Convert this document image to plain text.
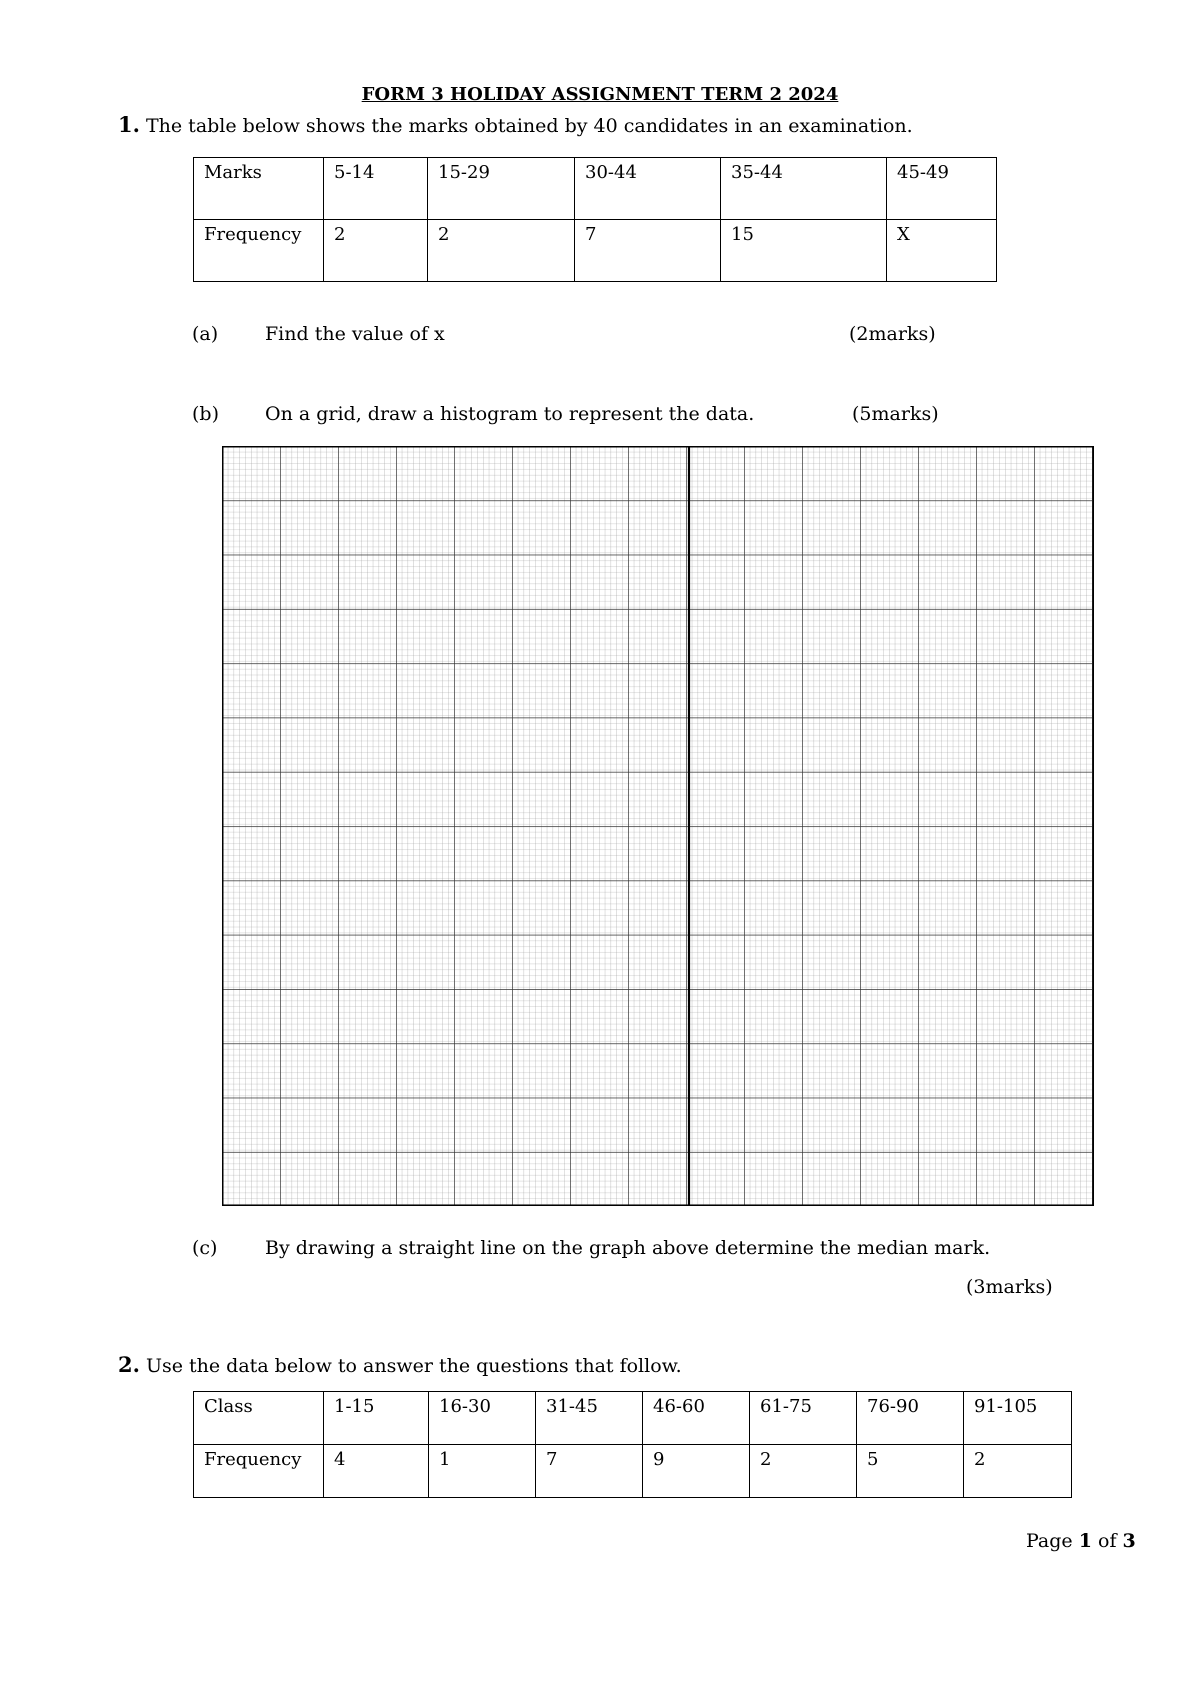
FORM 3 HOLIDAY ASSIGNMENT TERM 2 2024
1. The table below shows the marks obtained by 40 candidates in an examination.
Marks	5-14	15-29	30-44	35-44	45-49
Frequency	2	2	7	15	X
(a) Find the value of x	(2marks)
(b) On a grid, draw a histogram to represent the data.	(5marks)
(c)	By drawing a straight line on the graph above determine the median mark.
(3marks)
2. Use the data below to answer the questions that follow.
Class	1-15	16-30	31-45	46-60	61-75	76-90	91-105
Frequency	4	1	7	9	2	5	2
Page 1 of 3
